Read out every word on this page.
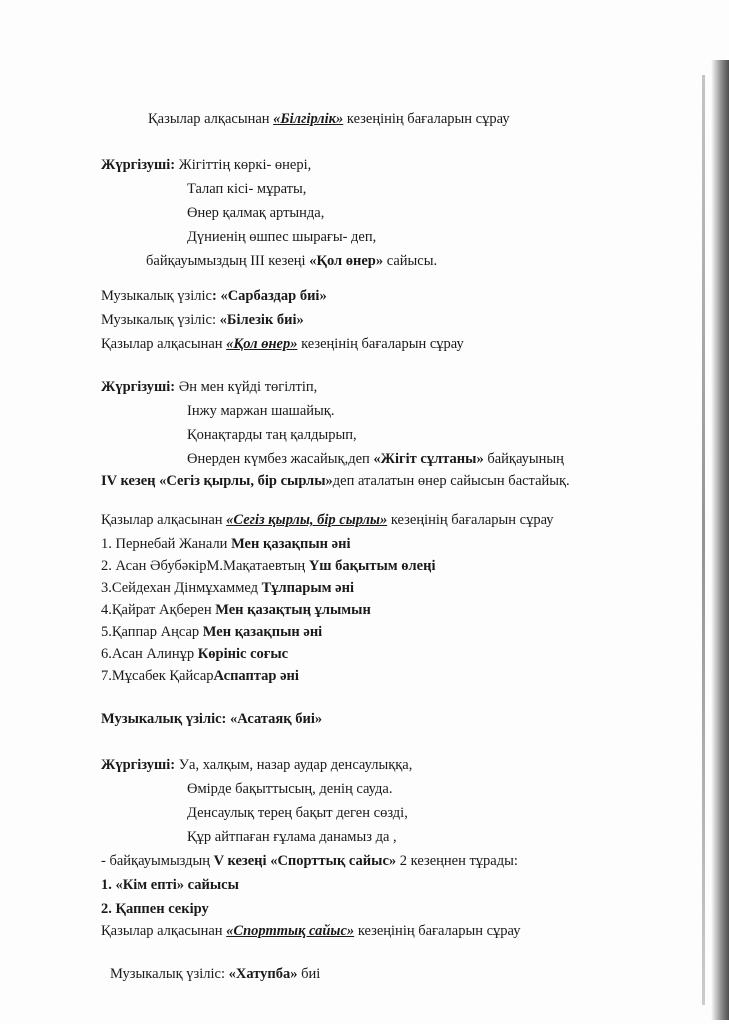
Қазылар алқасынан «Білгірлік» кезеңінің бағаларын сұрау
Жүргізуші: Жігіттің көркі- өнері,
Талап кісі- мұраты,
Өнер қалмақ артында,
Дүниенің өшпес шырағы- деп,
байқауымыздың ІІІ кезеңі «Қол өнер» сайысы.
Музыкалық үзіліс: «Сарбаздар биі»
Музыкалық үзіліс: «Білезік биі»
Қазылар алқасынан «Қол өнер» кезеңінің бағаларын сұрау
Жүргізуші: Ән мен күйді төгілтіп,
Інжу маржан шашайық.
Қонақтарды таң қалдырып,
Өнерден күмбез жасайық,деп «Жігіт сұлтаны» байқауының
IV кезең «Сегіз қырлы, бір сырлы»деп аталатын өнер сайысын бастайық.
Қазылар алқасынан «Сегіз қырлы, бір сырлы» кезеңінің бағаларын сұрау
1. Пернебай Жанали Мен қазақпын әні
2. Асан ӘбубәкірМ.Мақатаевтың Үш бақытым өлеңі
3.Сейдехан Дінмұхаммед Тұлпарым әні
4.Қайрат Ақберен Мен қазақтың ұлымын
5.Қаппар Аңсар Мен қазақпын әні
6.Асан Алинұр Көрініс соғыс
7.Мұсабек ҚайсарАспаптар әні
Музыкалық үзіліс: «Асатаяқ биі»
Жүргізуші: Уа, халқым, назар аудар денсаулыққа,
Өмірде бақыттысың, денің сауда.
Денсаулық терең бақыт деген сөзді,
Құр айтпаған ғұлама данамыз да ,
- байқауымыздың V кезеңі «Спорттық сайыс» 2 кезеңнен тұрады:
1. «Кім епті» сайысы
2. Қаппен секіру
Қазылар алқасынан «Спорттық сайыс» кезеңінің бағаларын сұрау
Музыкалық үзіліс: «Хатупба» биі
